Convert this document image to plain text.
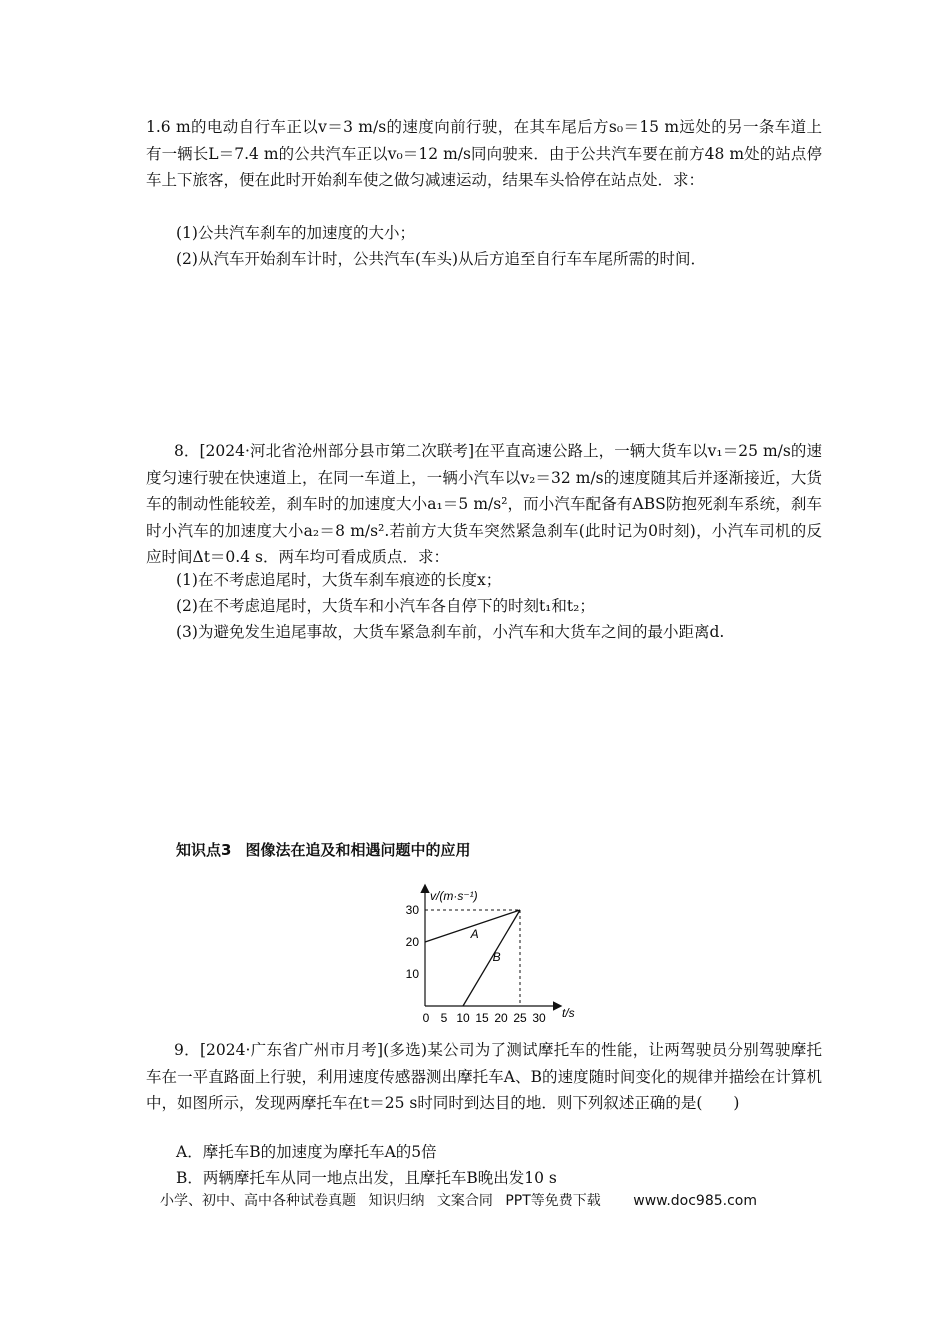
1.6 m的电动自行车正以v＝3 m/s的速度向前行驶，在其车尾后方s₀＝15 m远处的另一条车道上有一辆长L＝7.4 m的公共汽车正以v₀＝12 m/s同向驶来．由于公共汽车要在前方48 m处的站点停车上下旅客，便在此时开始刹车使之做匀减速运动，结果车头恰停在站点处．求：

(1)公共汽车刹车的加速度的大小；

(2)从汽车开始刹车计时，公共汽车(车头)从后方追至自行车车尾所需的时间．

8．[2024·河北省沧州部分县市第二次联考]在平直高速公路上，一辆大货车以v₁＝25 m/s的速度匀速行驶在快速道上，在同一车道上，一辆小汽车以v₂＝32 m/s的速度随其后并逐渐接近，大货车的制动性能较差，刹车时的加速度大小a₁＝5 m/s²，而小汽车配备有ABS防抱死刹车系统，刹车时小汽车的加速度大小a₂＝8 m/s².若前方大货车突然紧急刹车(此时记为0时刻)，小汽车司机的反应时间Δt＝0.4 s．两车均可看成质点．求：

(1)在不考虑追尾时，大货车刹车痕迹的长度x；

(2)在不考虑追尾时，大货车和小汽车各自停下的时刻t₁和t₂；

(3)为避免发生追尾事故，大货车紧急刹车前，小汽车和大货车之间的最小距离d.

知识点3 图像法在追及和相遇问题中的应用
A
B
0 5 10 15 20 25 30
10
20
30
v/(m·s⁻¹)
t/s

9．[2024·广东省广州市月考](多选)某公司为了测试摩托车的性能，让两驾驶员分别驾驶摩托车在一平直路面上行驶，利用速度传感器测出摩托车A、B的速度随时间变化的规律并描绘在计算机中，如图所示，发现两摩托车在t＝25 s时同时到达目的地．则下列叙述正确的是(　　)

A．摩托车B的加速度为摩托车A的5倍

B．两辆摩托车从同一地点出发，且摩托车B晚出发10 s

小学、初中、高中各种试卷真题 知识归纳 文案合同 PPT等免费下载 www.doc985.com
